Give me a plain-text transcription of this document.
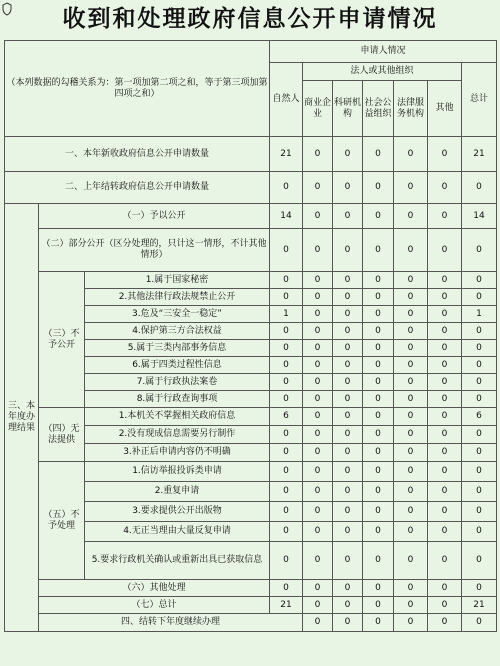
收到和处理政府信息公开申请情况
（本列数据的勾稽关系为：第一项加第二项之和，等于第三项加第四项之和）			申请人情况							
			自然人	法人或其他组织					总计	
				商业企业	科研机构	社会公益组织	法律服务机构	其他		
一、本年新收政府信息公开申请数量			21	0	0	0	0	0	21	
二、上年结转政府信息公开申请数量			0	0	0	0	0	0	0	
三、本年度办理结果	（一）予以公开		14	0	0	0	0	0	14	
	（二）部分公开（区分处理的，只计这一情形，不计其他情形）		0	0	0	0	0	0	0	
	（三）不予公开	1.属于国家秘密	0	0	0	0	0	0	0	
		2.其他法律行政法规禁止公开	0	0	0	0	0	0	0	
		3.危及“三安全一稳定”	1	0	0	0	0	0	1	
		4.保护第三方合法权益	0	0	0	0	0	0	0	
		5.属于三类内部事务信息	0	0	0	0	0	0	0	
		6.属于四类过程性信息	0	0	0	0	0	0	0	
		7.属于行政执法案卷	0	0	0	0	0	0	0	
		8.属于行政查询事项	0	0	0	0	0	0	0	
	（四）无法提供	1.本机关不掌握相关政府信息	6	0	0	0	0	0	6	
		2.没有现成信息需要另行制作	0	0	0	0	0	0	0	
		3.补正后申请内容仍不明确	0	0	0	0	0	0	0	
	（五）不予处理	1.信访举报投诉类申请	0	0	0	0	0	0	0	
		2.重复申请	0	0	0	0	0	0	0	
		3.要求提供公开出版物	0	0	0	0	0	0	0	
		4.无正当理由大量反复申请	0	0	0	0	0	0	0	
		5.要求行政机关确认或重新出具已获取信息	0	0	0	0	0	0	0	
	（六）其他处理		0	0	0	0	0	0	0	
	（七）总计		21	0	0	0	0	0	21	
	四、结转下年度继续办理			0	0	0	0	0	0	
